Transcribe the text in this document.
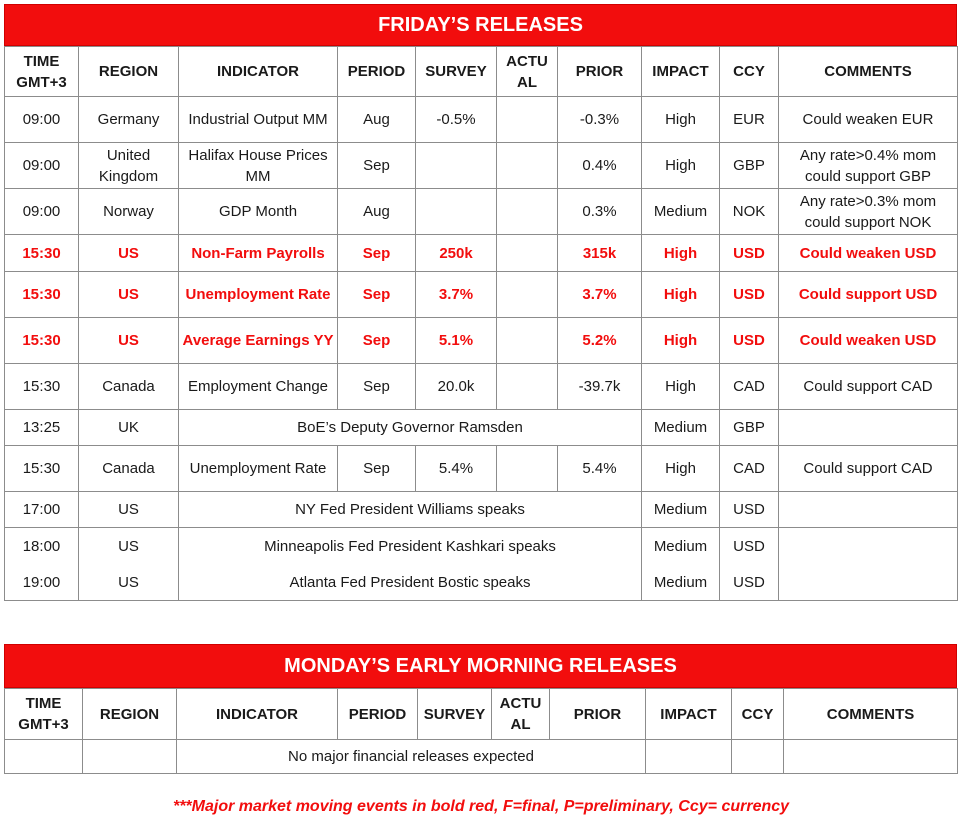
FRIDAY’S RELEASES
TIME GMT+3	REGION	INDICATOR	PERIOD	SURVEY	ACTU AL	PRIOR	IMPACT	CCY	COMMENTS
09:00	Germany	Industrial Output MM	Aug	-0.5%		-0.3%	High	EUR	Could weaken EUR
09:00	United Kingdom	Halifax House Prices MM	Sep			0.4%	High	GBP	Any rate>0.4% mom could support GBP
09:00	Norway	GDP Month	Aug			0.3%	Medium	NOK	Any rate>0.3% mom could support NOK
15:30	US	Non-Farm Payrolls	Sep	250k		315k	High	USD	Could weaken USD
15:30	US	Unemployment Rate	Sep	3.7%		3.7%	High	USD	Could support USD
15:30	US	Average Earnings YY	Sep	5.1%		5.2%	High	USD	Could weaken USD
15:30	Canada	Employment Change	Sep	20.0k		-39.7k	High	CAD	Could support CAD
13:25	UK	BoE’s Deputy Governor Ramsden					Medium	GBP	
15:30	Canada	Unemployment Rate	Sep	5.4%		5.4%	High	CAD	Could support CAD
17:00	US	NY Fed President Williams speaks					Medium	USD	
18:00	US	Minneapolis Fed President Kashkari speaks					Medium	USD	
19:00	US	Atlanta Fed President Bostic speaks					Medium	USD	
MONDAY’S EARLY MORNING RELEASES
TIME GMT+3	REGION	INDICATOR	PERIOD	SURVEY	ACTU AL	PRIOR	IMPACT	CCY	COMMENTS
		No major financial releases expected							
***Major market moving events in bold red, F=final, P=preliminary, Ccy= currency
